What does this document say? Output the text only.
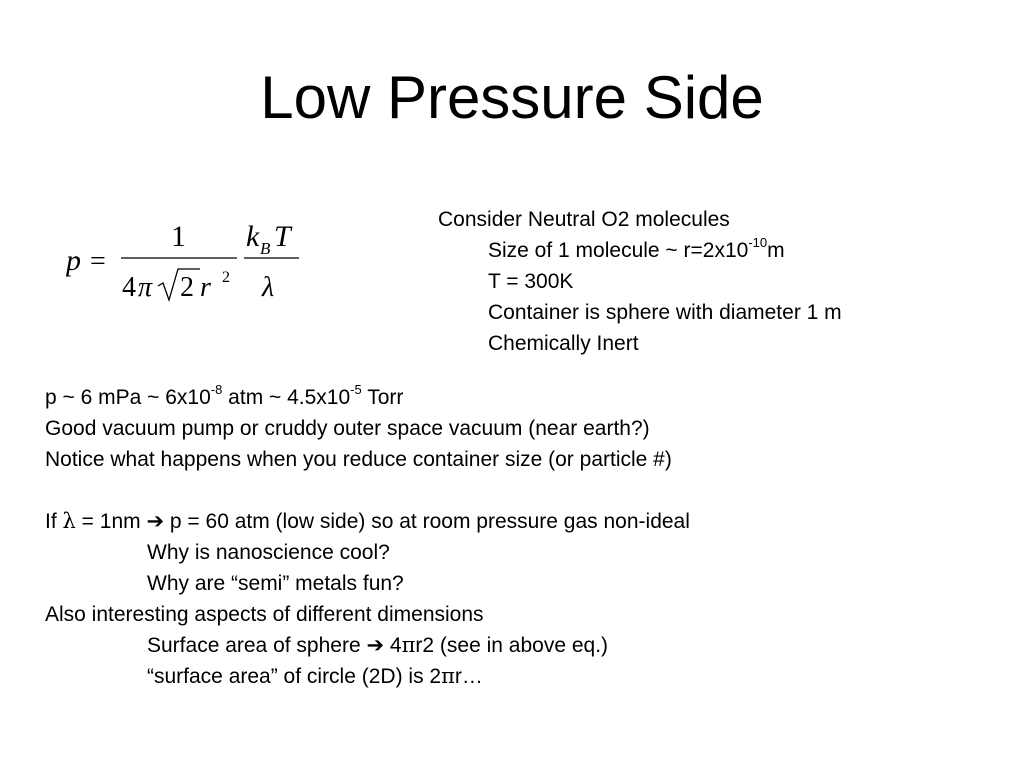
Low Pressure Side
p =
1
4 π 2 r 2
k B T
λ
Consider Neutral O2 molecules
Size of 1 molecule ~ $r=2x10^{-10}m$
T = 300K
Container is sphere with diameter 1 m
Chemically Inert
p ~ 6 mPa ~ $6x10^{-8}$ atm ~ $4.5x10^{-5}$ Torr
Good vacuum pump or cruddy outer space vacuum (near earth?)
Notice what happens when you reduce container size (or particle #)
If λ = 1nm ➔ p = 60 atm (low side) so at room pressure gas non-ideal
Why is nanoscience cool?
Why are “semi” metals fun?
Also interesting aspects of different dimensions
Surface area of sphere ➔ 4πr2 (see in above eq.)
“surface area” of circle (2D) is 2πr…
